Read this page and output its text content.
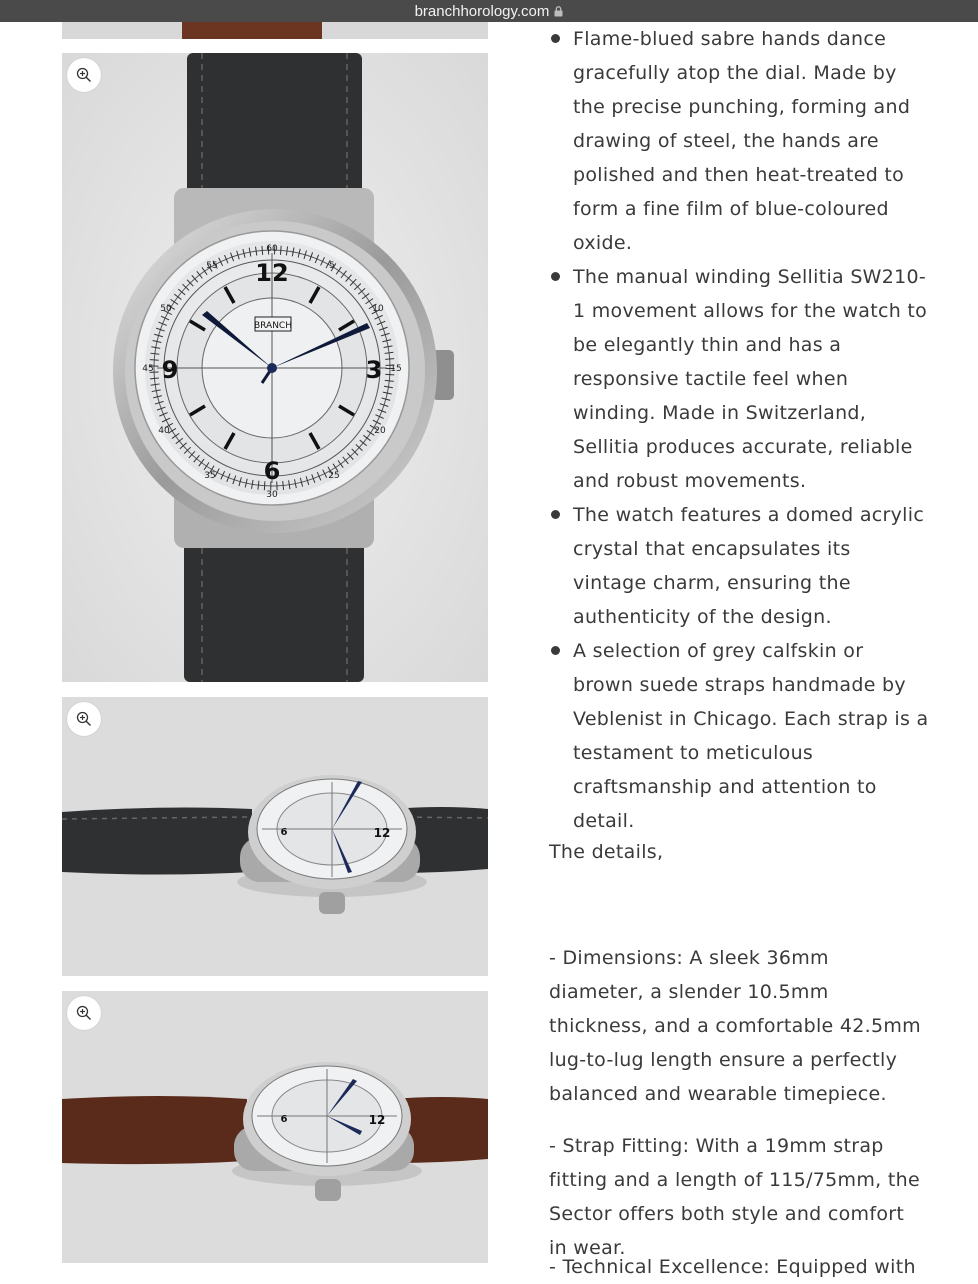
branchhorology.com
12
3
6
9
60
55	5
10
15
20
25
30
35
40
45
50
BRANCH
12
6
12
6
Flame-blued sabre hands dance gracefully atop the dial. Made by the precise punching, forming and drawing of steel, the hands are polished and then heat-treated to form a fine film of blue-coloured oxide.
The manual winding Sellitia SW210-1 movement allows for the watch to be elegantly thin and has a responsive tactile feel when winding. Made in Switzerland, Sellitia produces accurate, reliable and robust movements.
The watch features a domed acrylic crystal that encapsulates its vintage charm, ensuring the authenticity of the design.
A selection of grey calfskin or brown suede straps handmade by Veblenist in Chicago. Each strap is a testament to meticulous craftsmanship and attention to detail.

The details,

- Dimensions: A sleek 36mm diameter, a slender 10.5mm thickness, and a comfortable 42.5mm lug-to-lug length ensure a perfectly balanced and wearable timepiece.

- Strap Fitting: With a 19mm strap fitting and a length of 115/75mm, the Sector offers both style and comfort in wear.

- Technical Excellence: Equipped with
